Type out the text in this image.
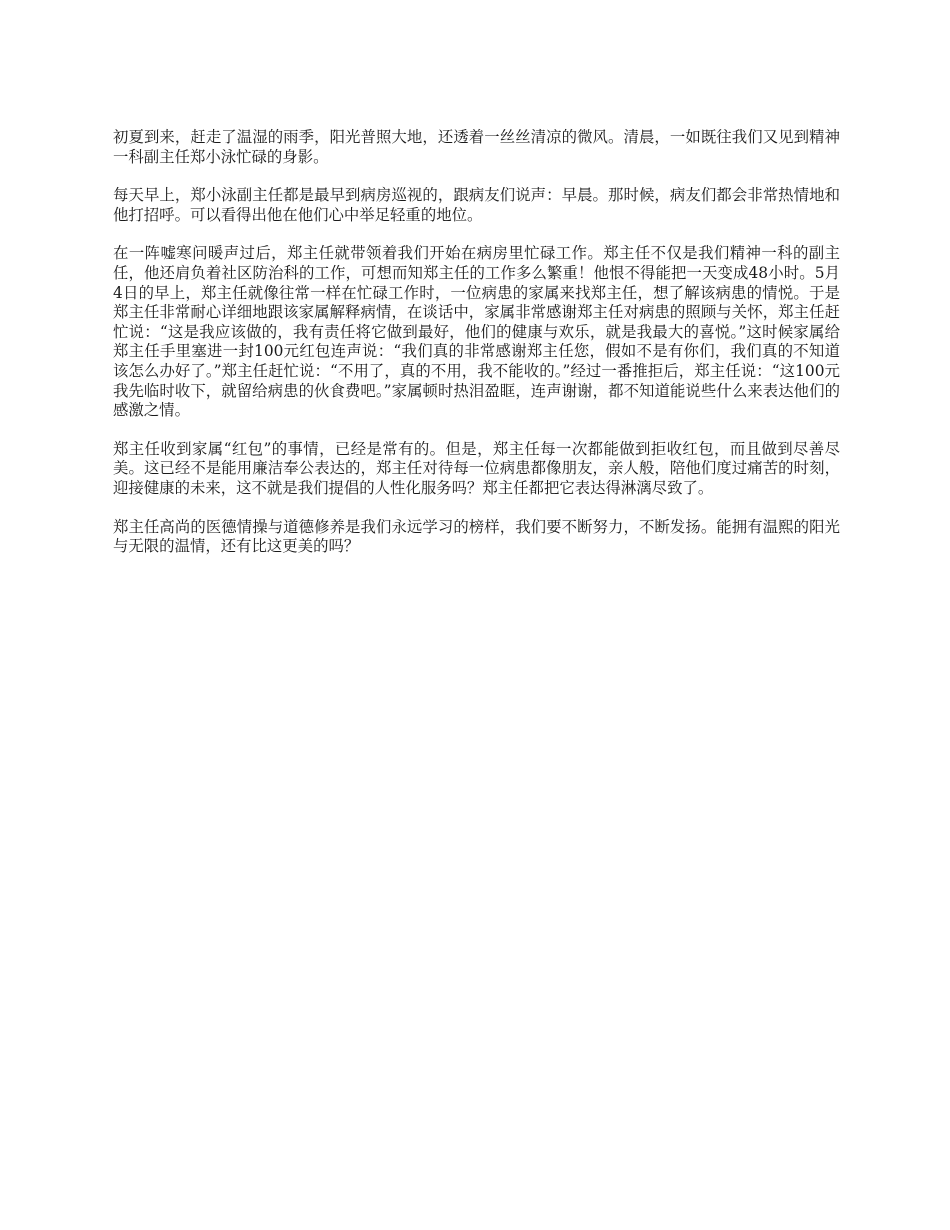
初夏到来，赶走了温湿的雨季，阳光普照大地，还透着一丝丝清凉的微风。清晨，一如既往我们又见到精神一科副主任郑小泳忙碌的身影。

每天早上，郑小泳副主任都是最早到病房巡视的，跟病友们说声：早晨。那时候，病友们都会非常热情地和他打招呼。可以看得出他在他们心中举足轻重的地位。

在一阵嘘寒问暖声过后，郑主任就带领着我们开始在病房里忙碌工作。郑主任不仅是我们精神一科的副主任，他还肩负着社区防治科的工作，可想而知郑主任的工作多么繁重！他恨不得能把一天变成48小时。5月4日的早上，郑主任就像往常一样在忙碌工作时，一位病患的家属来找郑主任，想了解该病患的情悦。于是郑主任非常耐心详细地跟该家属解释病情，在谈话中，家属非常感谢郑主任对病患的照顾与关怀，郑主任赶忙说：“这是我应该做的，我有责任将它做到最好，他们的健康与欢乐，就是我最大的喜悦。”这时候家属给郑主任手里塞进一封100元红包连声说：“我们真的非常感谢郑主任您，假如不是有你们，我们真的不知道该怎么办好了。”郑主任赶忙说：“不用了，真的不用，我不能收的。”经过一番推拒后，郑主任说：“这100元我先临时收下，就留给病患的伙食费吧。”家属顿时热泪盈眶，连声谢谢，都不知道能说些什么来表达他们的感激之情。

郑主任收到家属“红包”的事情，已经是常有的。但是，郑主任每一次都能做到拒收红包，而且做到尽善尽美。这已经不是能用廉洁奉公表达的，郑主任对待每一位病患都像朋友，亲人般，陪他们度过痛苦的时刻，迎接健康的未来，这不就是我们提倡的人性化服务吗？郑主任都把它表达得淋漓尽致了。

郑主任高尚的医德情操与道德修养是我们永远学习的榜样，我们要不断努力，不断发扬。能拥有温熙的阳光与无限的温情，还有比这更美的吗？
